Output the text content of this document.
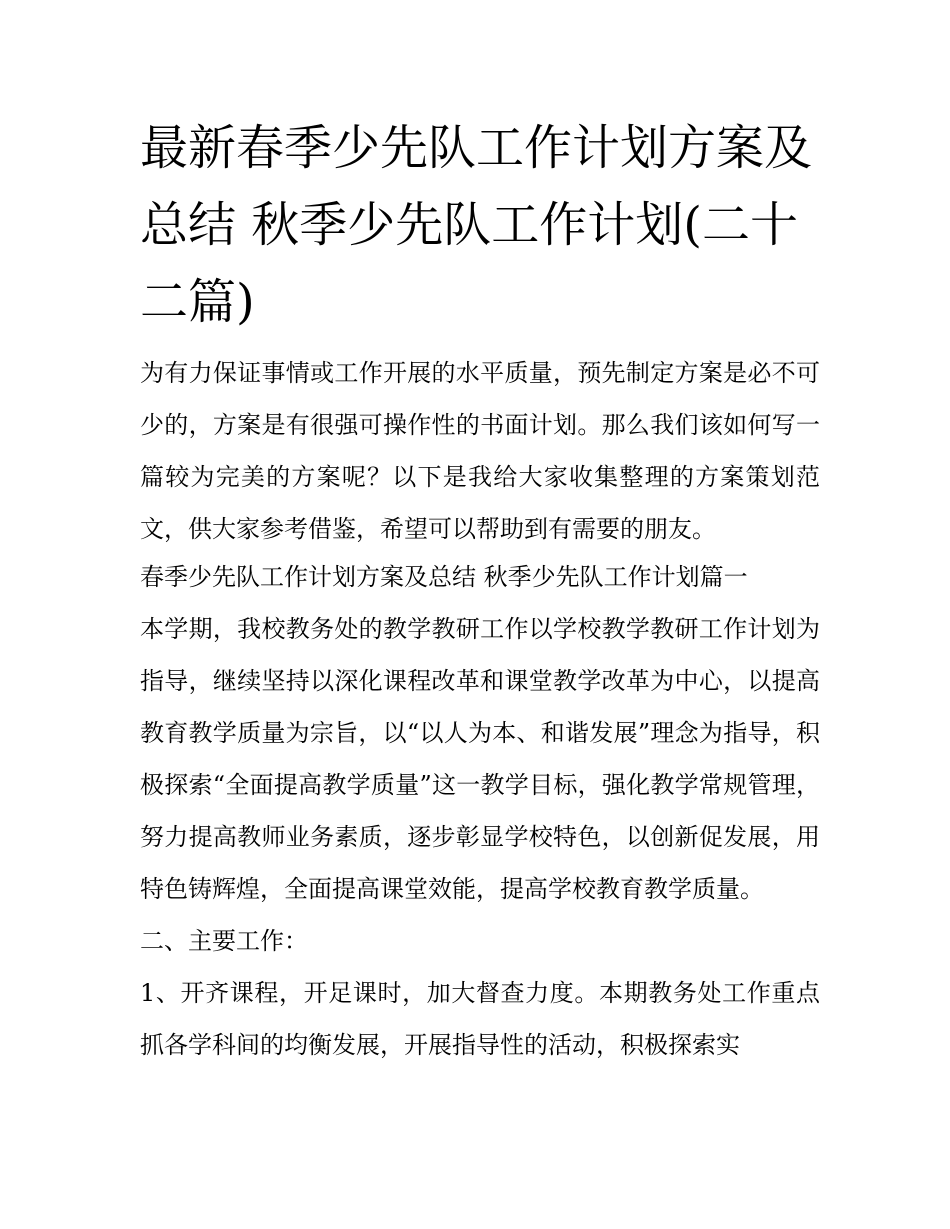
最新春季少先队工作计划方案及总结 秋季少先队工作计划(二十二篇)

为有力保证事情或工作开展的水平质量，预先制定方案是必不可少的，方案是有很强可操作性的书面计划。那么我们该如何写一篇较为完美的方案呢？以下是我给大家收集整理的方案策划范文，供大家参考借鉴，希望可以帮助到有需要的朋友。

春季少先队工作计划方案及总结 秋季少先队工作计划篇一

本学期，我校教务处的教学教研工作以学校教学教研工作计划为指导，继续坚持以深化课程改革和课堂教学改革为中心，以提高教育教学质量为宗旨，以“以人为本、和谐发展”理念为指导，积极探索“全面提高教学质量”这一教学目标，强化教学常规管理，努力提高教师业务素质，逐步彰显学校特色，以创新促发展，用特色铸辉煌，全面提高课堂效能，提高学校教育教学质量。

二、主要工作：

1、开齐课程，开足课时，加大督查力度。本期教务处工作重点抓各学科间的均衡发展，开展指导性的活动，积极探索实
